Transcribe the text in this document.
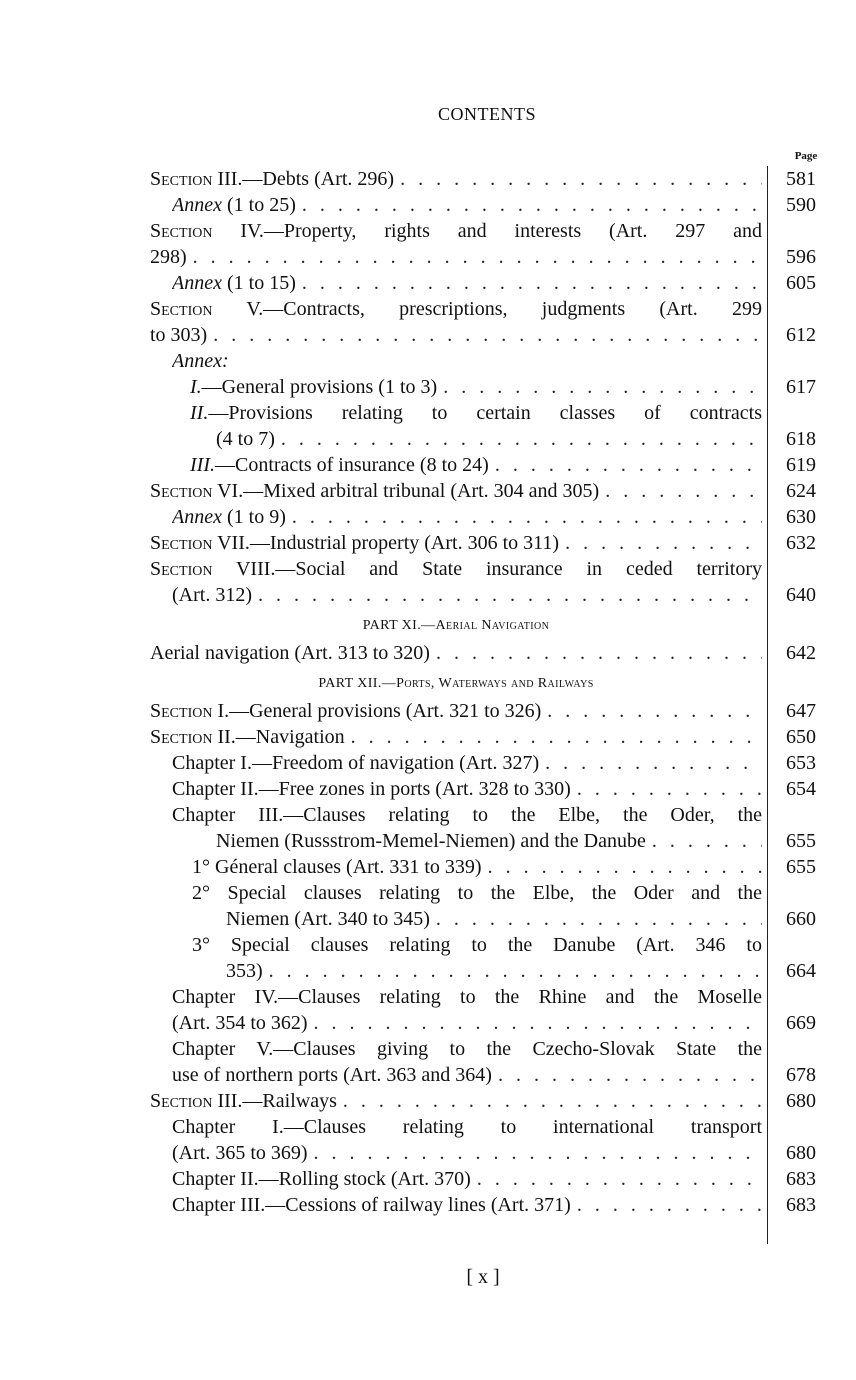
CONTENTS
Page
Section III.—Debts (Art. 296) . . .	581
Annex (1 to 25) . . .	590
Section IV.—Property, rights and interests (Art. 297 and
298) . . .	596
Annex (1 to 15) . . .	605
Section V.—Contracts, prescriptions, judgments (Art. 299
to 303) . . .	612
Annex:
I.—General provisions (1 to 3) . . .	617
II.—Provisions relating to certain classes of contracts
(4 to 7) . . .	618
III.—Contracts of insurance (8 to 24) . . .	619
Section VI.—Mixed arbitral tribunal (Art. 304 and 305) . . .	624
Annex (1 to 9) . . .	630
Section VII.—Industrial property (Art. 306 to 311) . . .	632
Section VIII.—Social and State insurance in ceded territory
(Art. 312) . . .	640
PART XI.—Aerial Navigation
Aerial navigation (Art. 313 to 320) . . .	642
PART XII.—Ports, Waterways and Railways
Section I.—General provisions (Art. 321 to 326) . . .	647
Section II.—Navigation . . .	650
Chapter I.—Freedom of navigation (Art. 327) . . .	653
Chapter II.—Free zones in ports (Art. 328 to 330) . . .	654
Chapter III.—Clauses relating to the Elbe, the Oder, the
Niemen (Russstrom-Memel-Niemen) and the Danube . . .	655
1° Géneral clauses (Art. 331 to 339) . . .	655
2° Special clauses relating to the Elbe, the Oder and the
Niemen (Art. 340 to 345) . . .	660
3° Special clauses relating to the Danube (Art. 346 to
353) . . .	664
Chapter IV.—Clauses relating to the Rhine and the Moselle
(Art. 354 to 362) . . .	669
Chapter V.—Clauses giving to the Czecho-Slovak State the
use of northern ports (Art. 363 and 364) . . .	678
Section III.—Railways . . .	680
Chapter I.—Clauses relating to international transport
(Art. 365 to 369) . . .	680
Chapter II.—Rolling stock (Art. 370) . . .	683
Chapter III.—Cessions of railway lines (Art. 371) . . .	683
[ x ]
